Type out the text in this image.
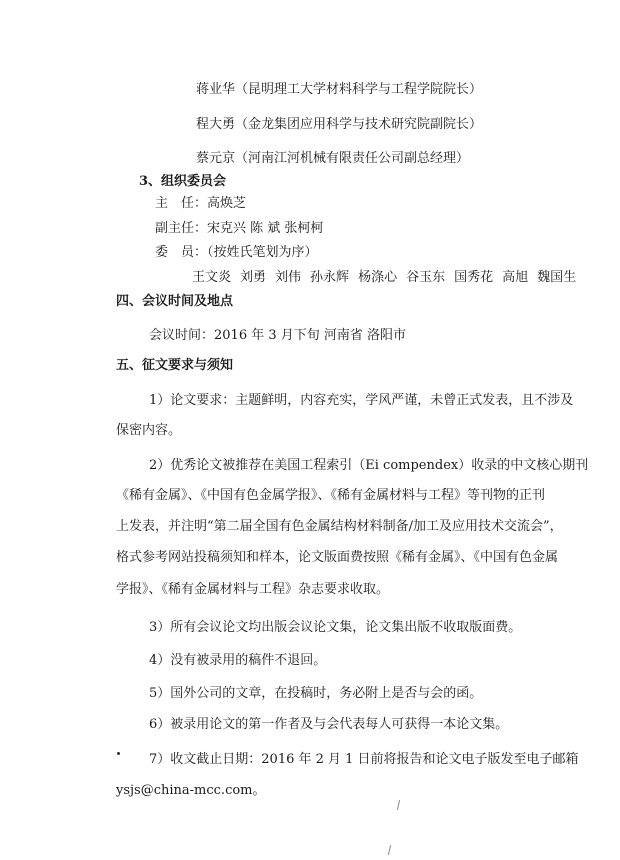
蒋业华（昆明理工大学材料科学与工程学院院长）
程大勇（金龙集团应用科学与技术研究院副院长）
蔡元京（河南江河机械有限责任公司副总经理）
3、组织委员会
主　任：高焕芝
副主任：宋克兴 陈 斌 张柯柯
委　员：（按姓氏笔划为序）
王文炎 刘勇 刘伟 孙永辉 杨涤心 谷玉东 国秀花 高旭 魏国生
四、会议时间及地点
会议时间：2016 年 3 月下旬 河南省 洛阳市
五、征文要求与须知
1）论文要求：主题鲜明，内容充实，学风严谨，未曾正式发表，且不涉及
保密内容。
2）优秀论文被推荐在美国工程索引（Ei compendex）收录的中文核心期刊
《稀有金属》、《中国有色金属学报》、《稀有金属材料与工程》等刊物的正刊
上发表，并注明“第二届全国有色金属结构材料制备/加工及应用技术交流会”，
格式参考网站投稿须知和样本，论文版面费按照《稀有金属》、《中国有色金属
学报》、《稀有金属材料与工程》杂志要求收取。
3）所有会议论文均出版会议论文集，论文集出版不收取版面费。
4）没有被录用的稿件不退回。
5）国外公司的文章，在投稿时，务必附上是否与会的函。
6）被录用论文的第一作者及与会代表每人可获得一本论文集。
7）收文截止日期：2016 年 2 月 1 日前将报告和论文电子版发至电子邮箱
ysjs@china-mcc.com。
